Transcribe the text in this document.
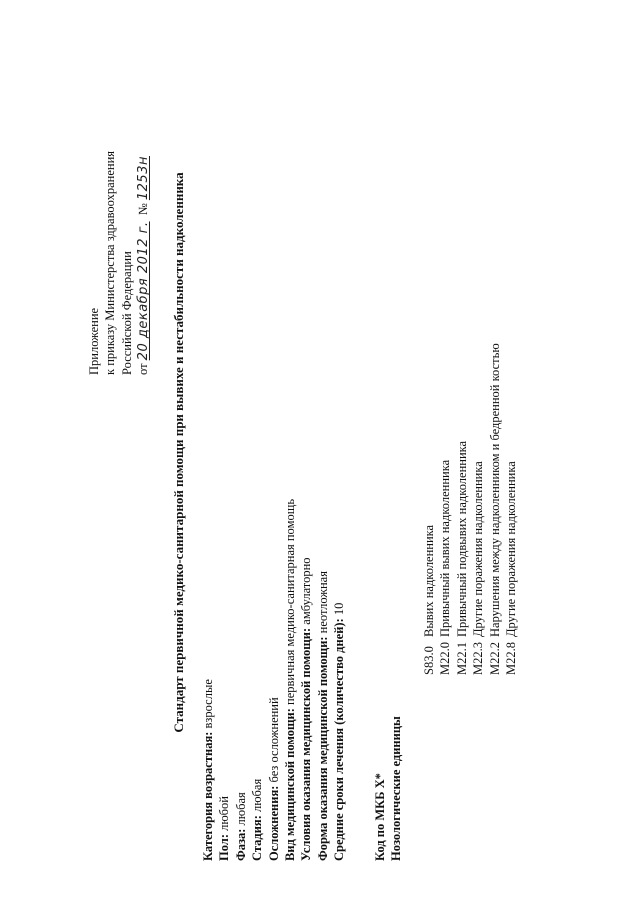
Приложение к приказу Министерства здравоохранения Российской Федерации от 20 декабря 2012 г.  № 1253н Стандарт первичной медико-санитарной помощи при вывихе и нестабильности надколенника
Категория возрастная: взрослые
Пол: любой
Фаза: любая
Стадия: любая Осложнения: без осложнений Вид медицинской помощи: первичная медико-санитарная помощь
Условия оказания медицинской помощи: амбулаторно
Форма оказания медицинской помощи: неотложная
Средние сроки лечения (количество дней): 10
Код по МКБ X* Нозологические единицы
S83.0Вывих надколенника
M22.0Привычный вывих надколенника
M22.1Привычный подвывих надколенника
M22.3Другие поражения надколенника
M22.2Нарушения между надколенником и бедренной костью
M22.8Другие поражения надколенника
